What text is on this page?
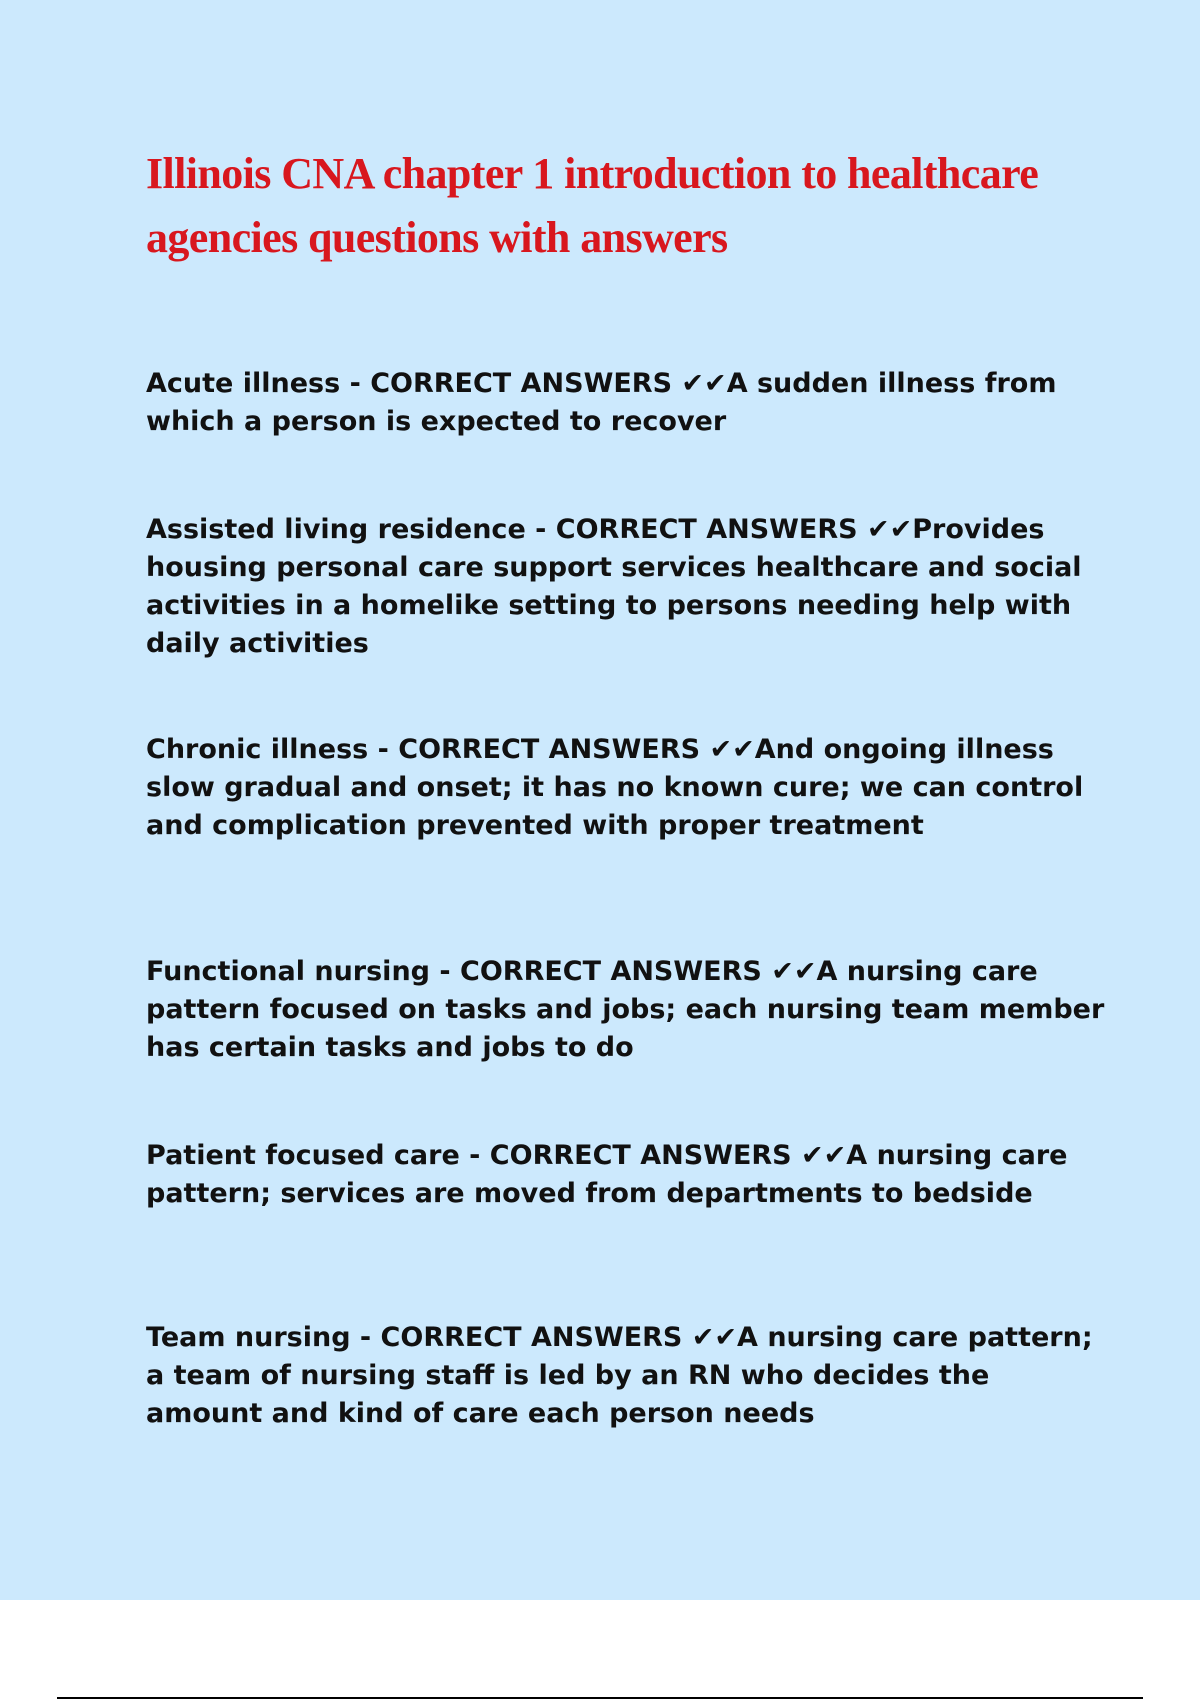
Illinois CNA chapter 1 introduction to healthcare agencies questions with answers

Acute illness - CORRECT ANSWERS ✔✔A sudden illness from which a person is expected to recover

Assisted living residence - CORRECT ANSWERS ✔✔Provides housing personal care support services healthcare and social activities in a homelike setting to persons needing help with daily activities

Chronic illness - CORRECT ANSWERS ✔✔And ongoing illness slow gradual and onset; it has no known cure; we can control and complication prevented with proper treatment

Functional nursing - CORRECT ANSWERS ✔✔A nursing care pattern focused on tasks and jobs; each nursing team member has certain tasks and jobs to do

Patient focused care - CORRECT ANSWERS ✔✔A nursing care pattern; services are moved from departments to bedside

Team nursing - CORRECT ANSWERS ✔✔A nursing care pattern; a team of nursing staff is led by an RN who decides the amount and kind of care each person needs
